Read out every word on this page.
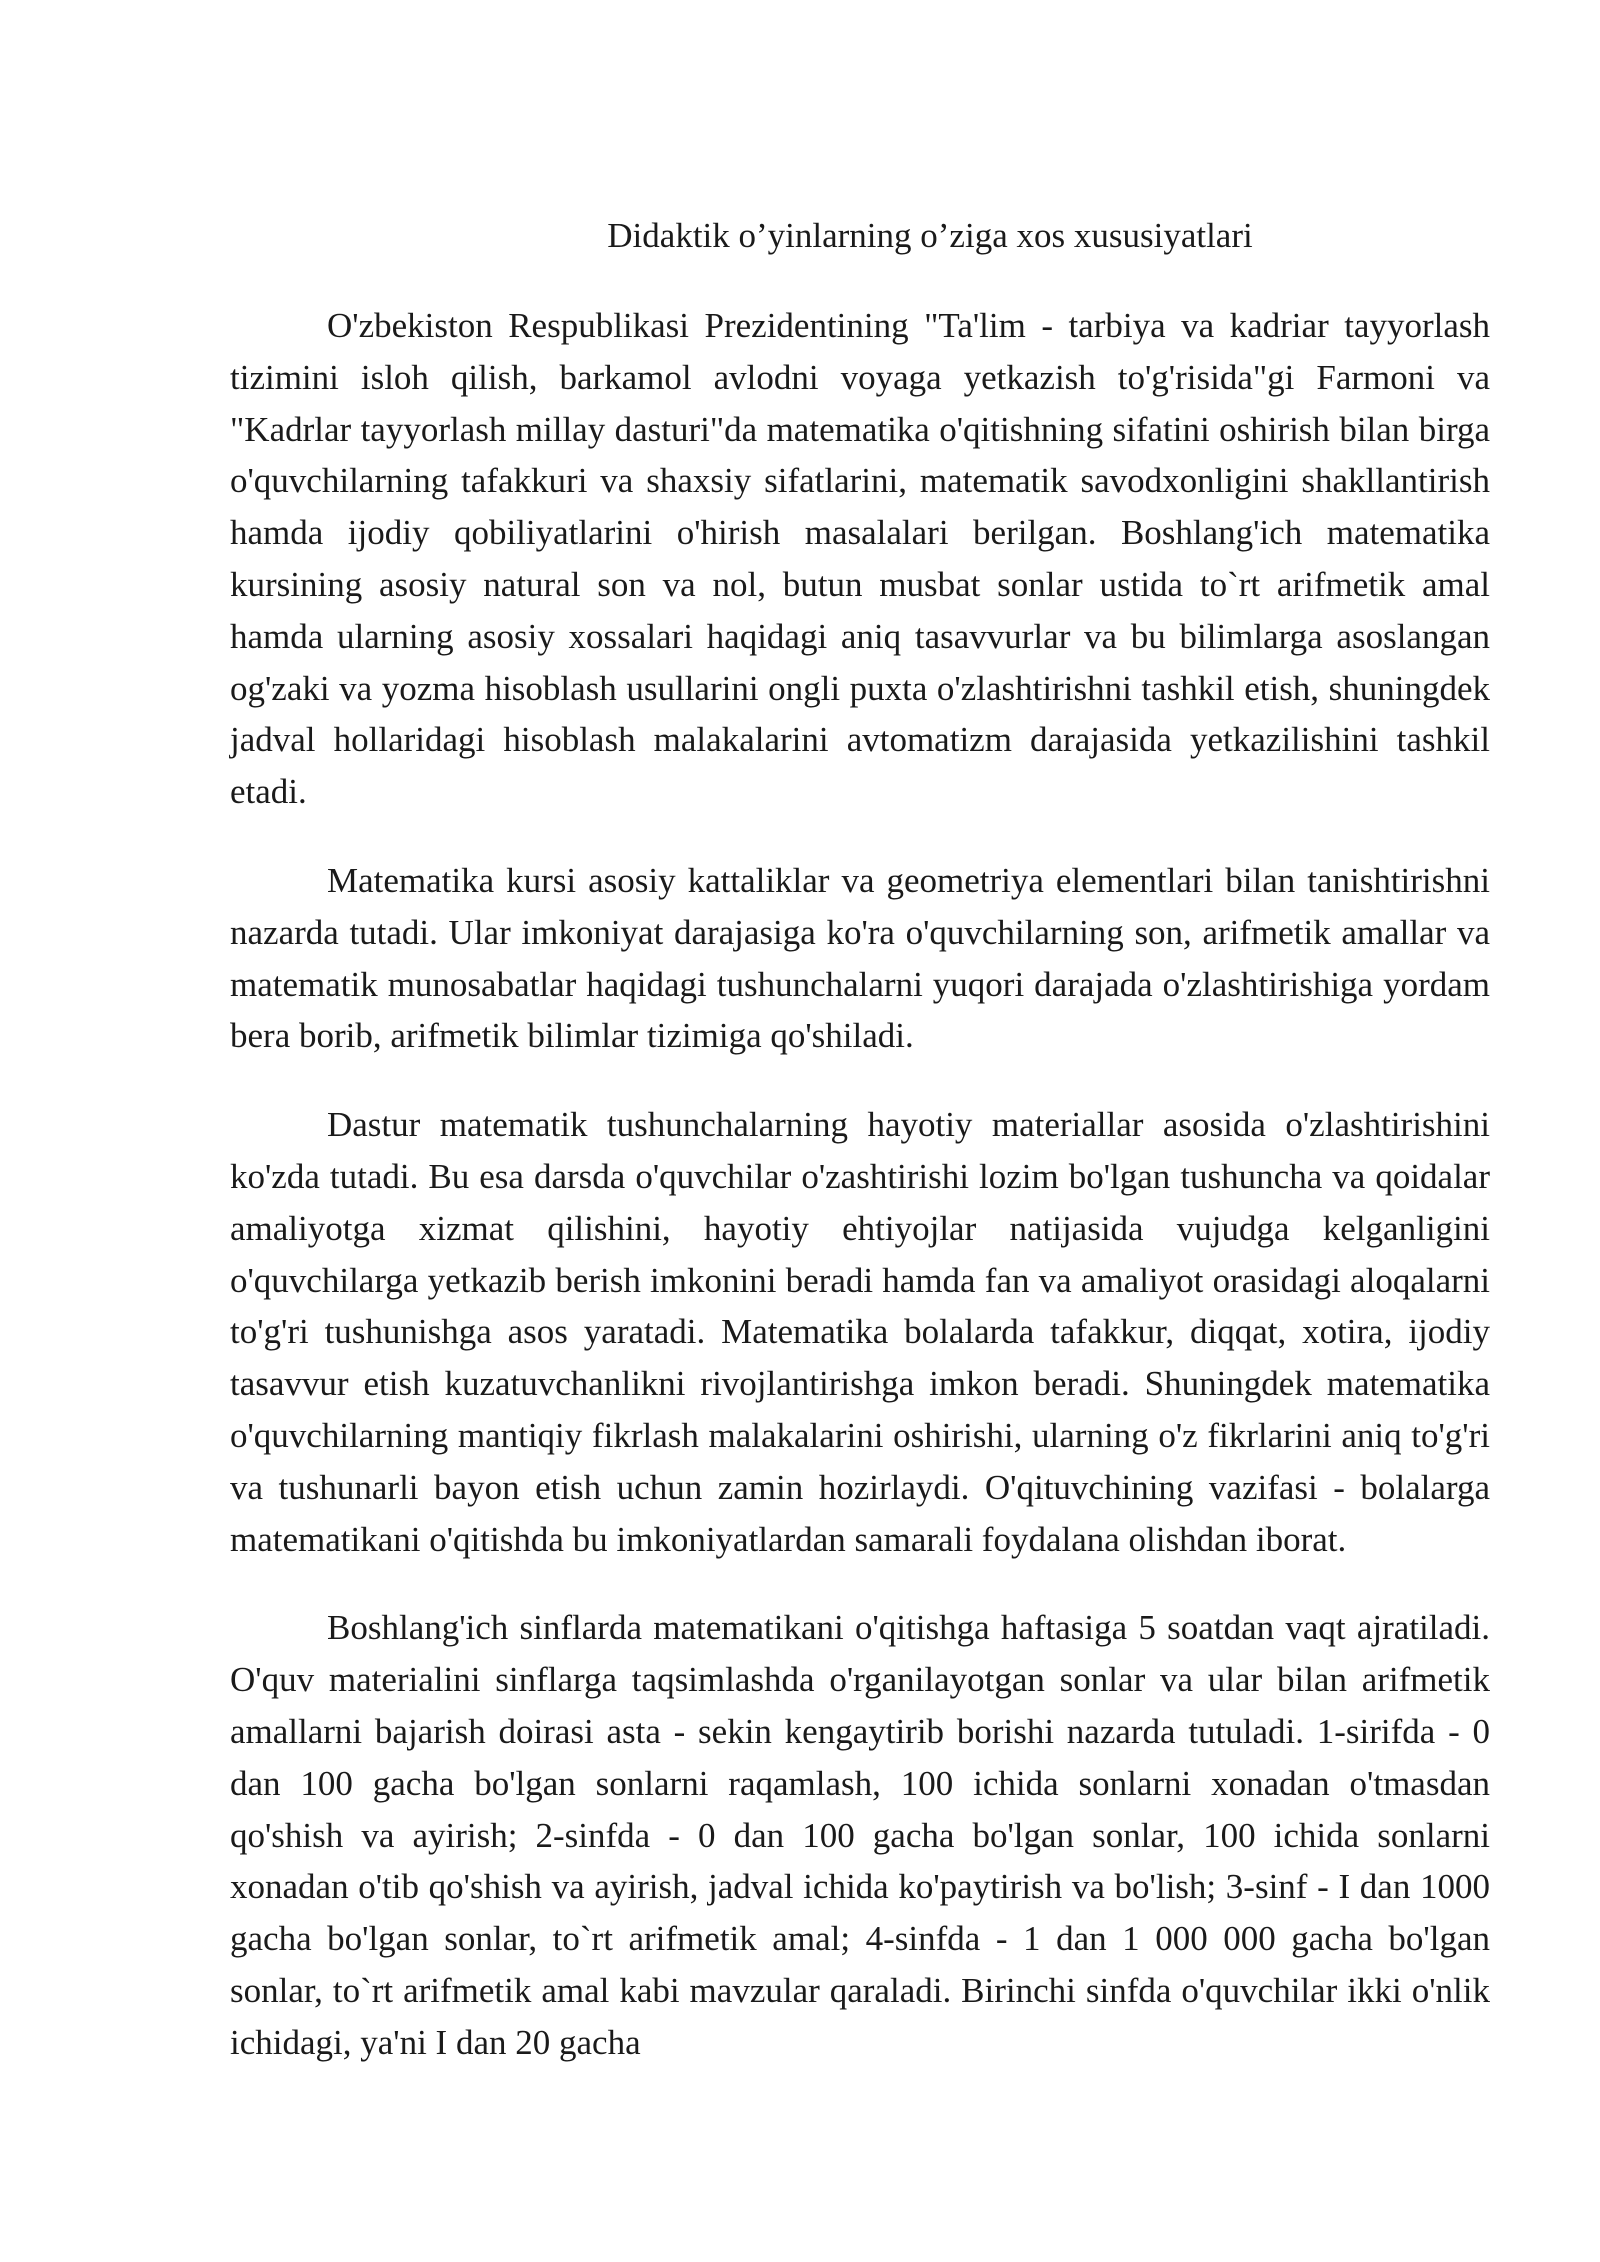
Didaktik o’yinlarning o’ziga xos xususiyatlari

O'zbekiston Respublikasi Prezidentining "Ta'lim - tarbiya va kadriar tayyorlash tizimini isloh qilish, barkamol avlodni voyaga yetkazish to'g'risida"gi Farmoni va "Kadrlar tayyorlash millay dasturi"da matematika o'qitishning sifatini oshirish bilan birga o'quvchilarning tafakkuri va shaxsiy sifatlarini, matematik savodxonligini shakllantirish hamda ijodiy qobiliyatlarini o'hirish masalalari berilgan. Boshlang'ich matematika kursining asosiy natural son va nol, butun musbat sonlar ustida to`rt arifmetik amal hamda ularning asosiy xossalari haqidagi aniq tasavvurlar va bu bilimlarga asoslangan og'zaki va yozma hisoblash usullarini ongli puxta o'zlashtirishni tashkil etish, shuningdek jadval hollaridagi hisoblash malakalarini avtomatizm darajasida yetkazilishini tashkil etadi.

Matematika kursi asosiy kattaliklar va geometriya elementlari bilan tanishtirishni nazarda tutadi. Ular imkoniyat darajasiga ko'ra o'quvchilarning son, arifmetik amallar va matematik munosabatlar haqidagi tushunchalarni yuqori darajada o'zlashtirishiga yordam bera borib, arifmetik bilimlar tizimiga qo'shiladi.

Dastur matematik tushunchalarning hayotiy materiallar asosida o'zlashtirishini ko'zda tutadi. Bu esa darsda o'quvchilar o'zashtirishi lozim bo'lgan tushuncha va qoidalar amaliyotga xizmat qilishini, hayotiy ehtiyojlar natijasida vujudga kelganligini o'quvchilarga yetkazib berish imkonini beradi hamda fan va amaliyot orasidagi aloqalarni to'g'ri tushunishga asos yaratadi. Matematika bolalarda tafakkur, diqqat, xotira, ijodiy tasavvur etish kuzatuvchanlikni rivojlantirishga imkon beradi. Shuningdek matematika o'quvchilarning mantiqiy fikrlash malakalarini oshirishi, ularning o'z fikrlarini aniq to'g'ri va tushunarli bayon etish uchun zamin hozirlaydi. O'qituvchining vazifasi - bolalarga matematikani o'qitishda bu imkoniyatlardan samarali foydalana olishdan iborat.

Boshlang'ich sinflarda matematikani o'qitishga haftasiga 5 soatdan vaqt ajratiladi. O'quv materialini sinflarga taqsimlashda o'rganilayotgan sonlar va ular bilan arifmetik amallarni bajarish doirasi asta - sekin kengaytirib borishi nazarda tutuladi. 1-sirifda - 0 dan 100 gacha bo'lgan sonlarni raqamlash, 100 ichida sonlarni xonadan o'tmasdan qo'shish va ayirish; 2-sinfda - 0 dan 100 gacha bo'lgan sonlar, 100 ichida sonlarni xonadan o'tib qo'shish va ayirish, jadval ichida ko'paytirish va bo'lish; 3-sinf - I dan 1000 gacha bo'lgan sonlar, to`rt arifmetik amal; 4-sinfda - 1 dan 1 000 000 gacha bo'lgan sonlar, to`rt arifmetik amal kabi mavzular qaraladi. Birinchi sinfda o'quvchilar ikki o'nlik ichidagi, ya'ni I dan 20 gacha
